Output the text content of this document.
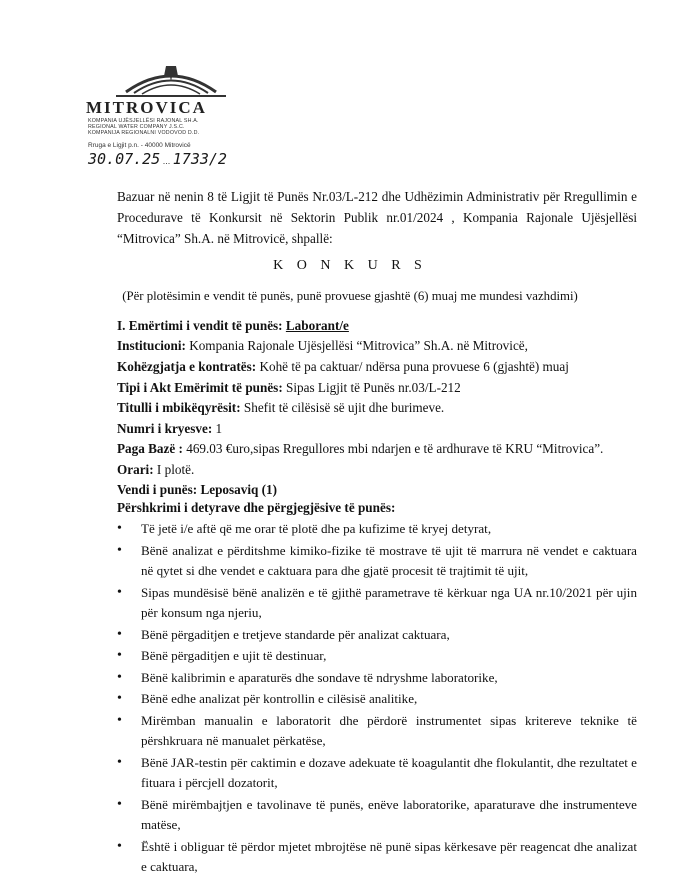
MITROVICA
KOMPANIA UJËSJELLËSI RAJONAL SH.A.
REGIONAL WATER COMPANY J.S.C.
KOMPANIJA REGIONALNI VODOVOD D.D.
Rruga e Ligjit p.n. - 40000 Mitrovicë
30.07.25 ... 1733/2
Bazuar në nenin 8 të Ligjit të Punës Nr.03/L-212 dhe Udhëzimin Administrativ për Rregullimin e Procedurave të Konkursit në Sektorin Publik nr.01/2024 , Kompania Rajonale Ujësjellësi “Mitrovica” Sh.A. në Mitrovicë, shpallë:
K O N K U R S
(Për plotësimin e vendit të punës, punë provuese gjashtë (6) muaj me mundesi vazhdimi)
I. Emërtimi i vendit të punës: Laborant/e
Institucioni: Kompania Rajonale Ujësjellësi “Mitrovica” Sh.A. në Mitrovicë,
Kohëzgjatja e kontratës: Kohë të pa caktuar/ ndërsa puna provuese 6 (gjashtë) muaj
Tipi i Akt Emërimit të punës: Sipas Ligjit të Punës nr.03/L-212
Titulli i mbikëqyrësit: Shefit të cilësisë së ujit dhe burimeve.
Numri i kryesve: 1
Paga Bazë : 469.03 €uro,sipas Rregullores mbi ndarjen e të ardhurave të KRU “Mitrovica”.
Orari: I plotë.
Vendi i punës: Leposaviq (1)
Përshkrimi i detyrave dhe përgjegjësive të punës:
• Të jetë i/e aftë që me orar të plotë dhe pa kufizime të kryej detyrat,
• Bënë analizat e përditshme kimiko-fizike të mostrave të ujit të marrura në vendet e caktuara në qytet si dhe vendet e caktuara para dhe gjatë procesit të trajtimit të ujit,
• Sipas mundësisë bënë analizën e të gjithë parametrave të kërkuar nga UA nr.10/2021 për ujin për konsum nga njeriu,
• Bënë përgaditjen e tretjeve standarde për analizat caktuara,
• Bënë përgaditjen e ujit të destinuar,
• Bënë kalibrimin e aparaturës dhe sondave të ndryshme laboratorike,
• Bënë edhe analizat për kontrollin e cilësisë analitike,
• Mirëmban manualin e laboratorit dhe përdorë instrumentet sipas kritereve teknike të përshkruara në manualet përkatëse,
• Bënë JAR-testin për caktimin e dozave adekuate të koagulantit dhe flokulantit, dhe rezultatet e fituara i përcjell dozatorit,
• Bënë mirëmbajtjen e tavolinave të punës, enëve laboratorike, aparaturave dhe instrumenteve matëse,
• Është i obliguar të përdor mjetet mbrojtëse në punë sipas kërkesave për reagencat dhe analizat e caktuara,
